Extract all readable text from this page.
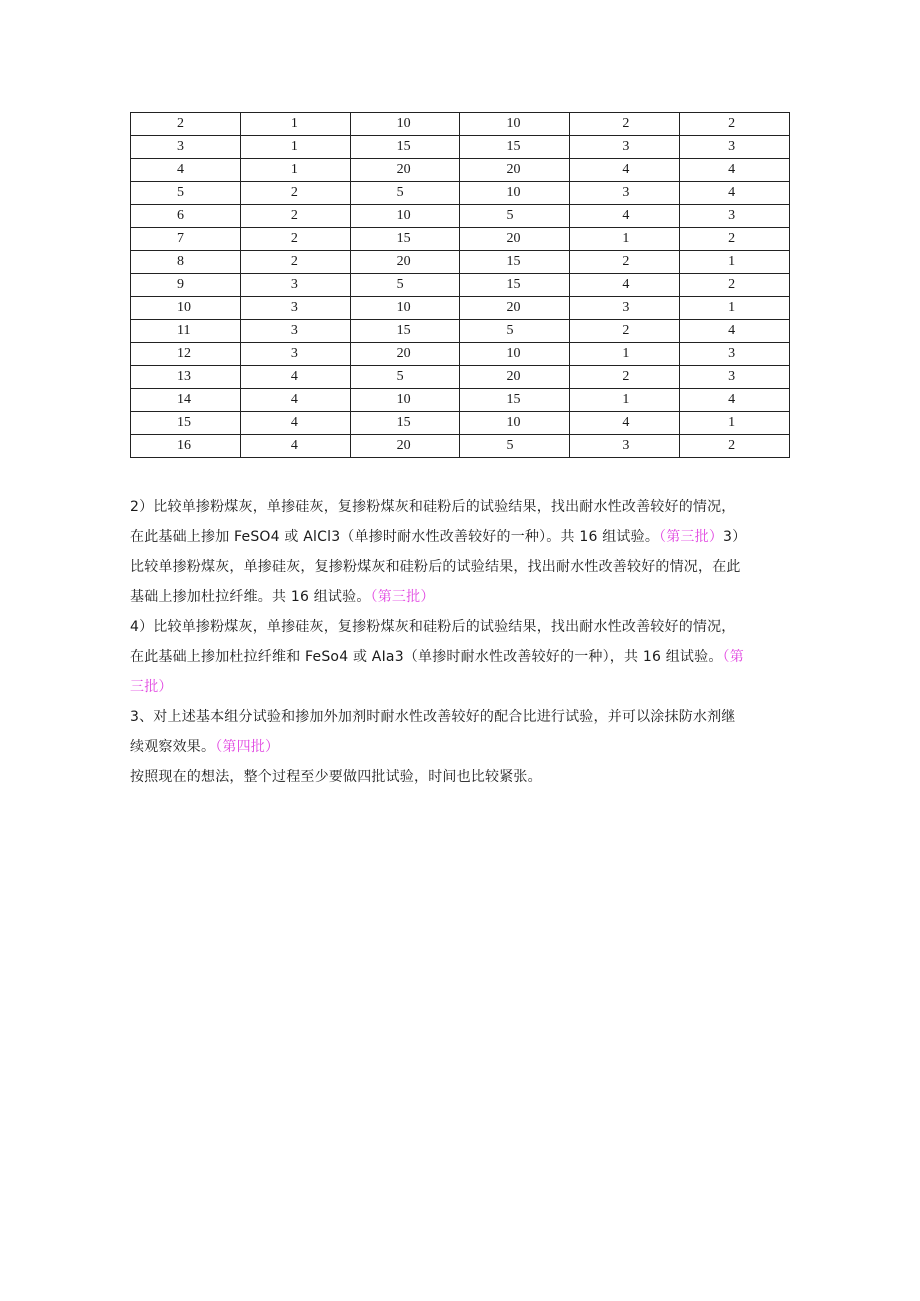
2	1	10	10	2	2
3	1	15	15	3	3
4	1	20	20	4	4
5	2	5	10	3	4
6	2	10	5	4	3
7	2	15	20	1	2
8	2	20	15	2	1
9	3	5	15	4	2
10	3	10	20	3	1
11	3	15	5	2	4
12	3	20	10	1	3
13	4	5	20	2	3
14	4	10	15	1	4
15	4	15	10	4	1
16	4	20	5	3	2

2）比较单掺粉煤灰，单掺硅灰，复掺粉煤灰和硅粉后的试验结果，找出耐水性改善较好的情况，
在此基础上掺加 FeSO4 或 AlCl3（单掺时耐水性改善较好的一种）。共 16 组试验。（第三批）3）
比较单掺粉煤灰，单掺硅灰，复掺粉煤灰和硅粉后的试验结果，找出耐水性改善较好的情况，在此
基础上掺加杜拉纤维。共 16 组试验。（第三批）

4）比较单掺粉煤灰，单掺硅灰，复掺粉煤灰和硅粉后的试验结果，找出耐水性改善较好的情况，
在此基础上掺加杜拉纤维和 FeSo4 或 AIa3（单掺时耐水性改善较好的一种），共 16 组试验。（第
三批）

3、对上述基本组分试验和掺加外加剂时耐水性改善较好的配合比进行试验，并可以涂抹防水剂继
续观察效果。（第四批）

按照现在的想法，整个过程至少要做四批试验，时间也比较紧张。
